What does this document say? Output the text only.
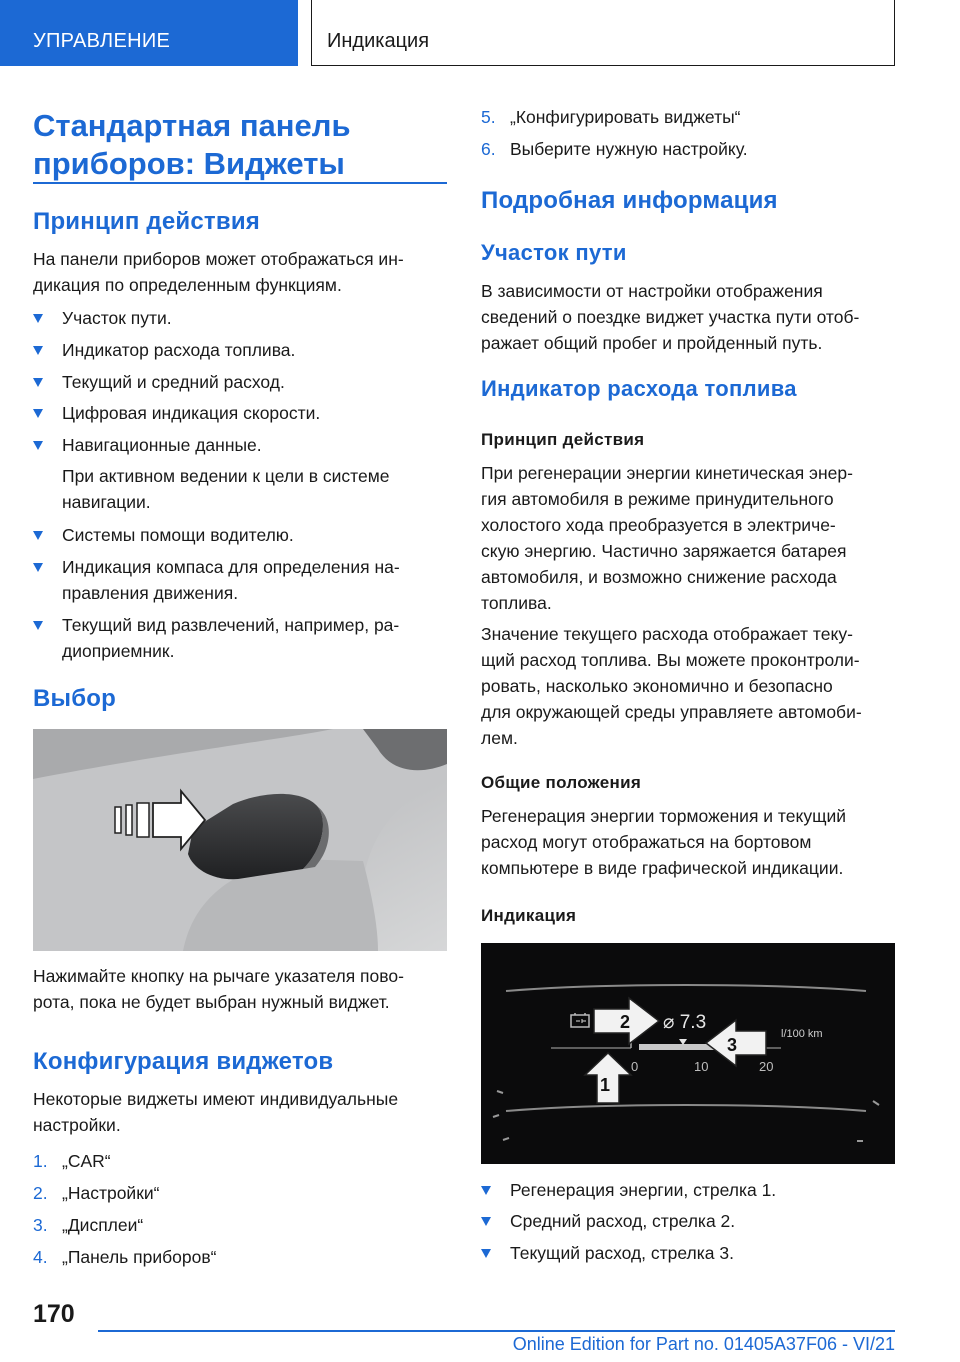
УПРАВЛЕНИЕ	Индикация
Стандартная панель
приборов: Виджеты
Принцип действия
На панели приборов может отображаться ин-
дикация по определенным функциям.
Участок пути.
Индикатор расхода топлива.
Текущий и средний расход.
Цифровая индикация скорости.
Навигационные данные.
При активном ведении к цели в системе
навигации.
Системы помощи водителю.
Индикация компаса для определения на-
правления движения.
Текущий вид развлечений, например, ра-
диоприемник.
Выбор
Нажимайте кнопку на рычаге указателя пово-
рота, пока не будет выбран нужный виджет.
Конфигурация виджетов
Некоторые виджеты имеют индивидуальные
настройки.
1. „CAR“
2. „Настройки“
3. „Дисплеи“
4. „Панель приборов“
5. „Конфигурировать виджеты“
6. Выберите нужную настройку.
Подробная информация
Участок пути
В зависимости от настройки отображения
сведений о поездке виджет участка пути отоб-
ражает общий пробег и пройденный путь.
Индикатор расхода топлива
Принцип действия
При регенерации энергии кинетическая энер-
гия автомобиля в режиме принудительного
холостого хода преобразуется в электриче-
скую энергию. Частично заряжается батарея
автомобиля, и возможно снижение расхода
топлива.
Значение текущего расхода отображает теку-
щий расход топлива. Вы можете проконтроли-
ровать, насколько экономично и безопасно
для окружающей среды управляете автомоби-
лем.
Общие положения
Регенерация энергии торможения и текущий
расход могут отображаться на бортовом
компьютере в виде графической индикации.
Индикация
⌀ 7.3
l/100 km
0	10	20
1
2
3
Регенерация энергии, стрелка 1.
Средний расход, стрелка 2.
Текущий расход, стрелка 3.
170
Online Edition for Part no. 01405A37F06 - VI/21
